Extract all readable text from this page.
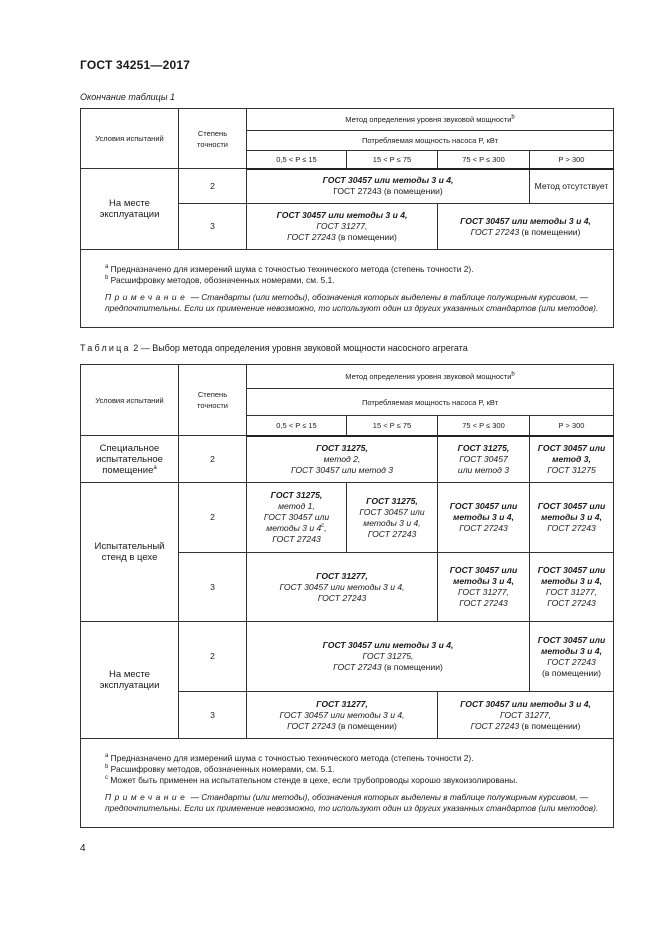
ГОСТ 34251—2017
Окончание таблицы 1
Условия испытаний	Степень точности	Метод определения уровня звуковой мощности$^b$
		Потребляемая мощность насоса P, кВт			
		0,5 < P ≤ 15	15 < P ≤ 75	75 < P ≤ 300	P > 300
На месте эксплуатации	2	ГОСТ 30457 или методы 3 и 4,
ГОСТ 27243 (в помещении)			Метод отсутствует
	3	ГОСТ 30457 или методы 3 и 4,
ГОСТ 31277,
ГОСТ 27243 (в помещении)		ГОСТ 30457 или методы 3 и 4,
ГОСТ 27243 (в помещении)	

$^a$ Предназначено для измерений шума с точностью технического метода (степень точности 2).
$^b$ Расшифровку методов, обозначенных номерами, см. 5.1.
Примечание — Стандарты (или методы), обозначения которых выделены в таблице полужирным курсивом, — предпочтительны. Если их применение невозможно, то используют один из других указанных стандартов (или методов).					
Таблица 2 — Выбор метода определения уровня звуковой мощности насосного агрегата
Условия испытаний	Степень точности	Метод определения уровня звуковой мощности$^b$
		Потребляемая мощность насоса P, кВт			
		0,5 < P ≤ 15	15 < P ≤ 75	75 < P ≤ 300	P > 300
Специальное испытательное помещение$^a$	2	ГОСТ 31275,
метод 2,
ГОСТ 30457 или метод 3		ГОСТ 31275,
ГОСТ 30457
или метод 3	ГОСТ 30457 или метод 3,
ГОСТ 31275
Испытательный стенд в цехе	2	ГОСТ 31275,
метод 1,
ГОСТ 30457 или методы 3 и 4$^c$,
ГОСТ 27243	ГОСТ 31275,
ГОСТ 30457 или методы 3 и 4,
ГОСТ 27243	ГОСТ 30457 или методы 3 и 4,
ГОСТ 27243	ГОСТ 30457 или методы 3 и 4,
ГОСТ 27243
	3	ГОСТ 31277,
ГОСТ 30457 или методы 3 и 4,
ГОСТ 27243		ГОСТ 30457 или методы 3 и 4,
ГОСТ 31277,
ГОСТ 27243	ГОСТ 30457 или методы 3 и 4,
ГОСТ 31277,
ГОСТ 27243
На месте эксплуатации	2	ГОСТ 30457 или методы 3 и 4,
ГОСТ 31275,
ГОСТ 27243 (в помещении)			ГОСТ 30457 или методы 3 и 4,
ГОСТ 27243
(в помещении)
	3	ГОСТ 31277,
ГОСТ 30457 или методы 3 и 4,
ГОСТ 27243 (в помещении)		ГОСТ 30457 или методы 3 и 4,
ГОСТ 31277,
ГОСТ 27243 (в помещении)	

$^a$ Предназначено для измерений шума с точностью технического метода (степень точности 2).
$^b$ Расшифровку методов, обозначенных номерами, см. 5.1.
$^c$ Может быть применен на испытательном стенде в цехе, если трубопроводы хорошо звукоизолированы.
Примечание — Стандарты (или методы), обозначения которых выделены в таблице полужирным курсивом, — предпочтительны. Если их применение невозможно, то используют один из других указанных стандартов (или методов).					
4
